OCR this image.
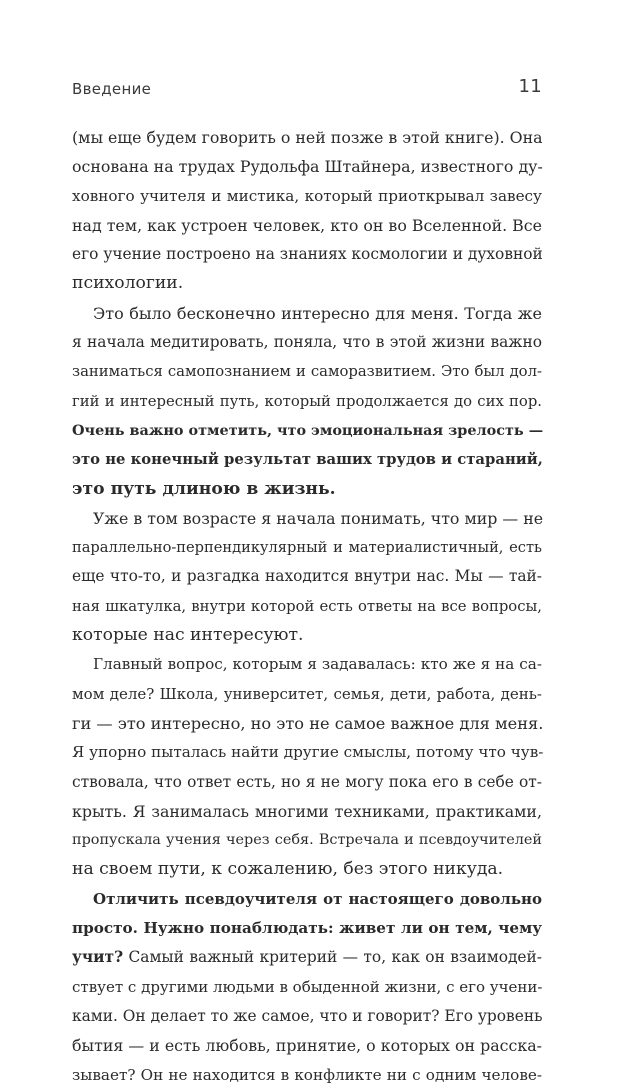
Введение	11
(мы еще будем говорить о ней позже в этой книге). Она
основана на трудах Рудольфа Штайнера, известного ду-
ховного учителя и мистика, который приоткрывал завесу
над тем, как устроен человек, кто он во Вселенной. Все
его учение построено на знаниях космологии и духовной
психологии.
Это было бесконечно интересно для меня. Тогда же
я начала медитировать, поняла, что в этой жизни важно
заниматься самопознанием и саморазвитием. Это был дол-
гий и интересный путь, который продолжается до сих пор.
Очень важно отметить, что эмоциональная зрелость —
это не конечный результат ваших трудов и стараний,
это путь длиною в жизнь.
Уже в том возрасте я начала понимать, что мир — не
параллельно-перпендикулярный и материалистичный, есть
еще что-то, и разгадка находится внутри нас. Мы — тай-
ная шкатулка, внутри которой есть ответы на все вопросы,
которые нас интересуют.
Главный вопрос, которым я задавалась: кто же я на са-
мом деле? Школа, университет, семья, дети, работа, день-
ги — это интересно, но это не самое важное для меня.
Я упорно пыталась найти другие смыслы, потому что чув-
ствовала, что ответ есть, но я не могу пока его в себе от-
крыть. Я занималась многими техниками, практиками,
пропускала учения через себя. Встречала и псевдоучителей
на своем пути, к сожалению, без этого никуда.
Отличить псевдоучителя от настоящего довольно
просто. Нужно понаблюдать: живет ли он тем, чему
учит? Самый важный критерий — то, как он взаимодей-
ствует с другими людьми в обыденной жизни, с его учени-
ками. Он делает то же самое, что и говорит? Его уровень
бытия — и есть любовь, принятие, о которых он расска-
зывает? Он не находится в конфликте ни с одним челове-
